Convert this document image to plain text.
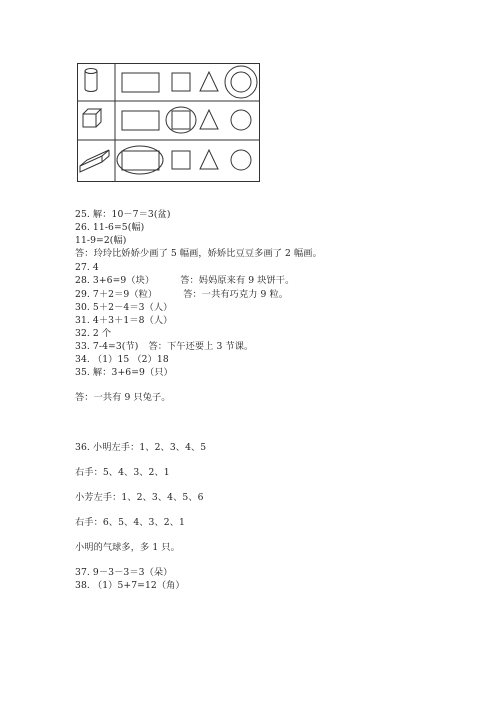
25. 解：10－7＝3(盆)
26. 11-6=5(幅)
11-9=2(幅)
答：玲玲比娇娇少画了 5 幅画，娇娇比豆豆多画了 2 幅画。
27. 4
28. 3+6=9（块）	答：妈妈原来有 9 块饼干。
29. 7＋2＝9（粒）	答：一共有巧克力 9 粒。
30. 5＋2－4＝3（人）
31. 4＋3＋1＝8（人）
32. 2 个
33. 7-4=3(节) 答：下午还要上 3 节课。
34. （1）15 （2）18
35. 解：3+6=9（只）
答：一共有 9 只兔子。
36. 小明左手：1、2、3、4、5
右手：5、4、3、2、1
小芳左手：1、2、3、4、5、6
右手：6、5、4、3、2、1
小明的气球多，多 1 只。
37. 9－3－3＝3（朵）
38. （1）5+7=12（角）
